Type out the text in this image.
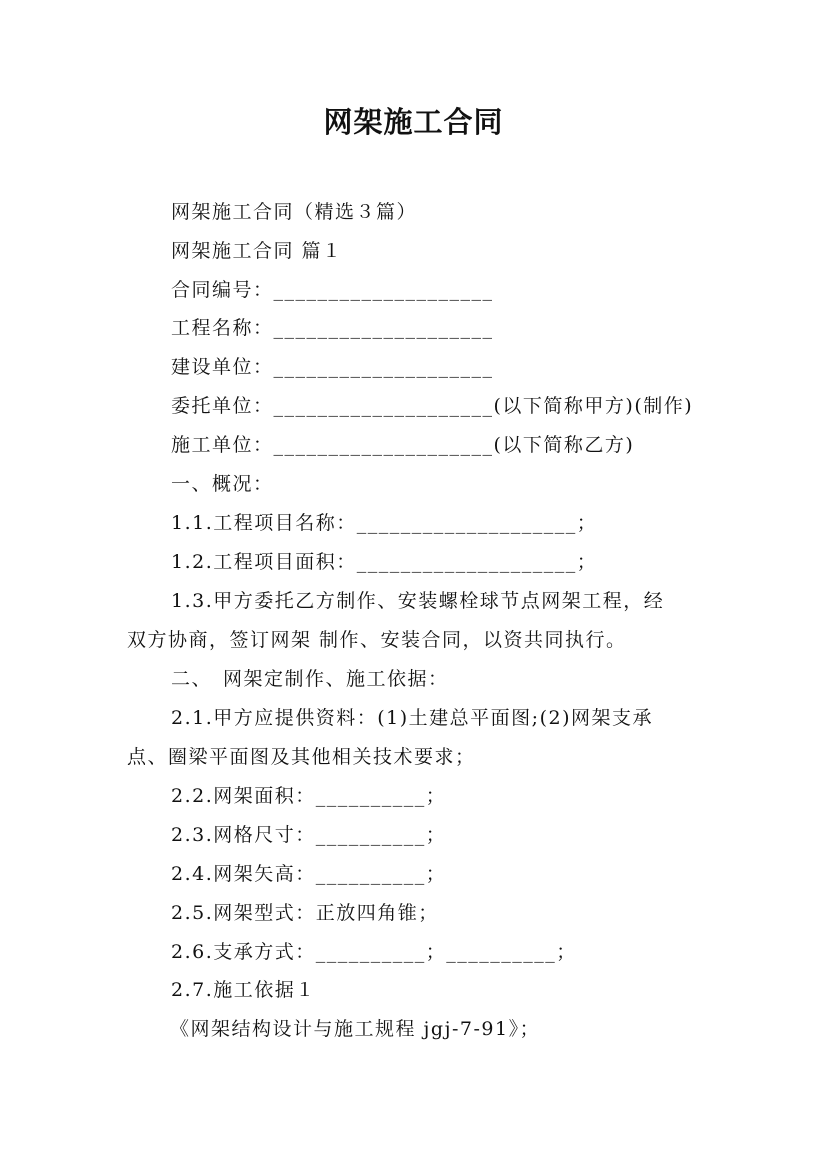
网架施工合同
网架施工合同（精选３篇）
网架施工合同 篇１
合同编号：____________________
工程名称：____________________
建设单位：____________________
委托单位：____________________(以下简称甲方)(制作)
施工单位：____________________(以下简称乙方)
一、概况：
1.1.工程项目名称：____________________；
1.2.工程项目面积：____________________；
1.3.甲方委托乙方制作、安装螺栓球节点网架工程，经
双方协商，签订网架 制作、安装合同，以资共同执行。
二、　网架定制作、施工依据：
2.1.甲方应提供资料：(1)土建总平面图;(2)网架支承
点、圈梁平面图及其他相关技术要求；
2.2.网架面积：__________；
2.3.网格尺寸：__________；
2.4.网架矢高：__________；
2.5.网架型式：正放四角锥；
2.6.支承方式：__________；__________；
2.7.施工依据１
《网架结构设计与施工规程 jgj-7-91》；
